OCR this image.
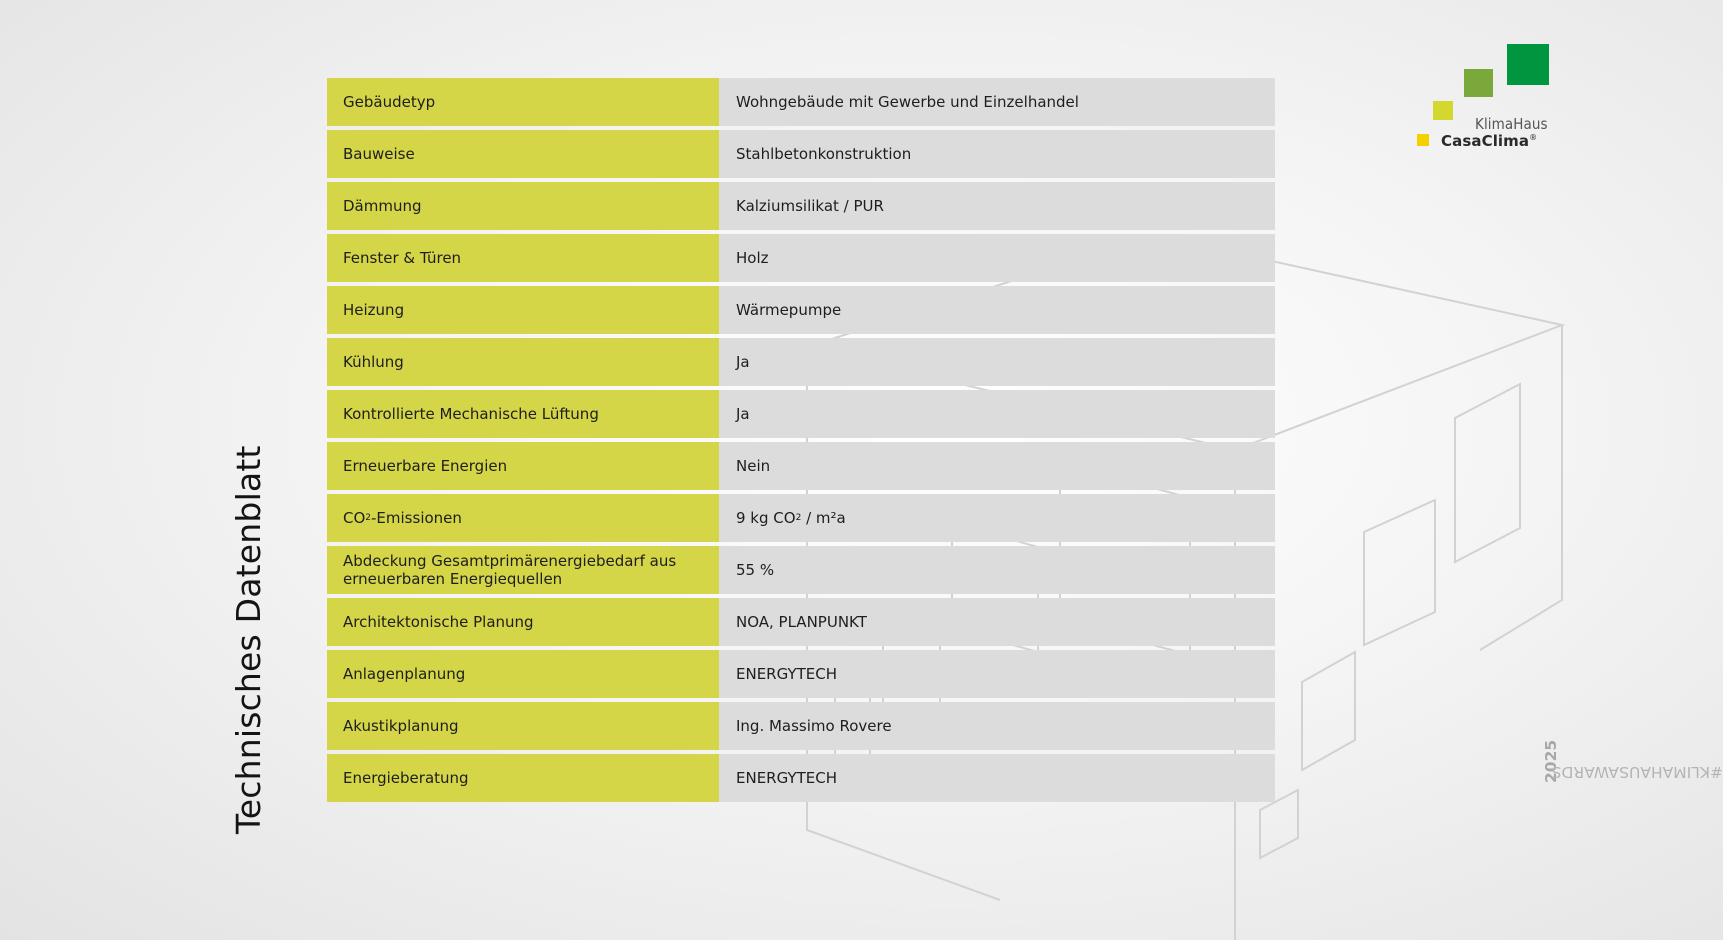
Technisches Datenblatt
Gebäudetyp	Wohngebäude mit Gewerbe und Einzelhandel
Bauweise	Stahlbetonkonstruktion
Dämmung	Kalziumsilikat / PUR
Fenster & Türen	Holz
Heizung	Wärmepumpe
Kühlung	Ja
Kontrollierte Mechanische Lüftung	Ja
Erneuerbare Energien	Nein
CO 2 -Emissionen	9 kg CO 2 / m²a
Abdeckung Gesamtprimärenergiebedarf aus erneuerbaren Energiequellen	55 %
Architektonische Planung	NOA, PLANPUNKT
Anlagenplanung	ENERGYTECH
Akustikplanung	Ing. Massimo Rovere
Energieberatung	ENERGYTECH
KlimaHaus
CasaClima®
#KLIMAHAUSAWARDS
2025
